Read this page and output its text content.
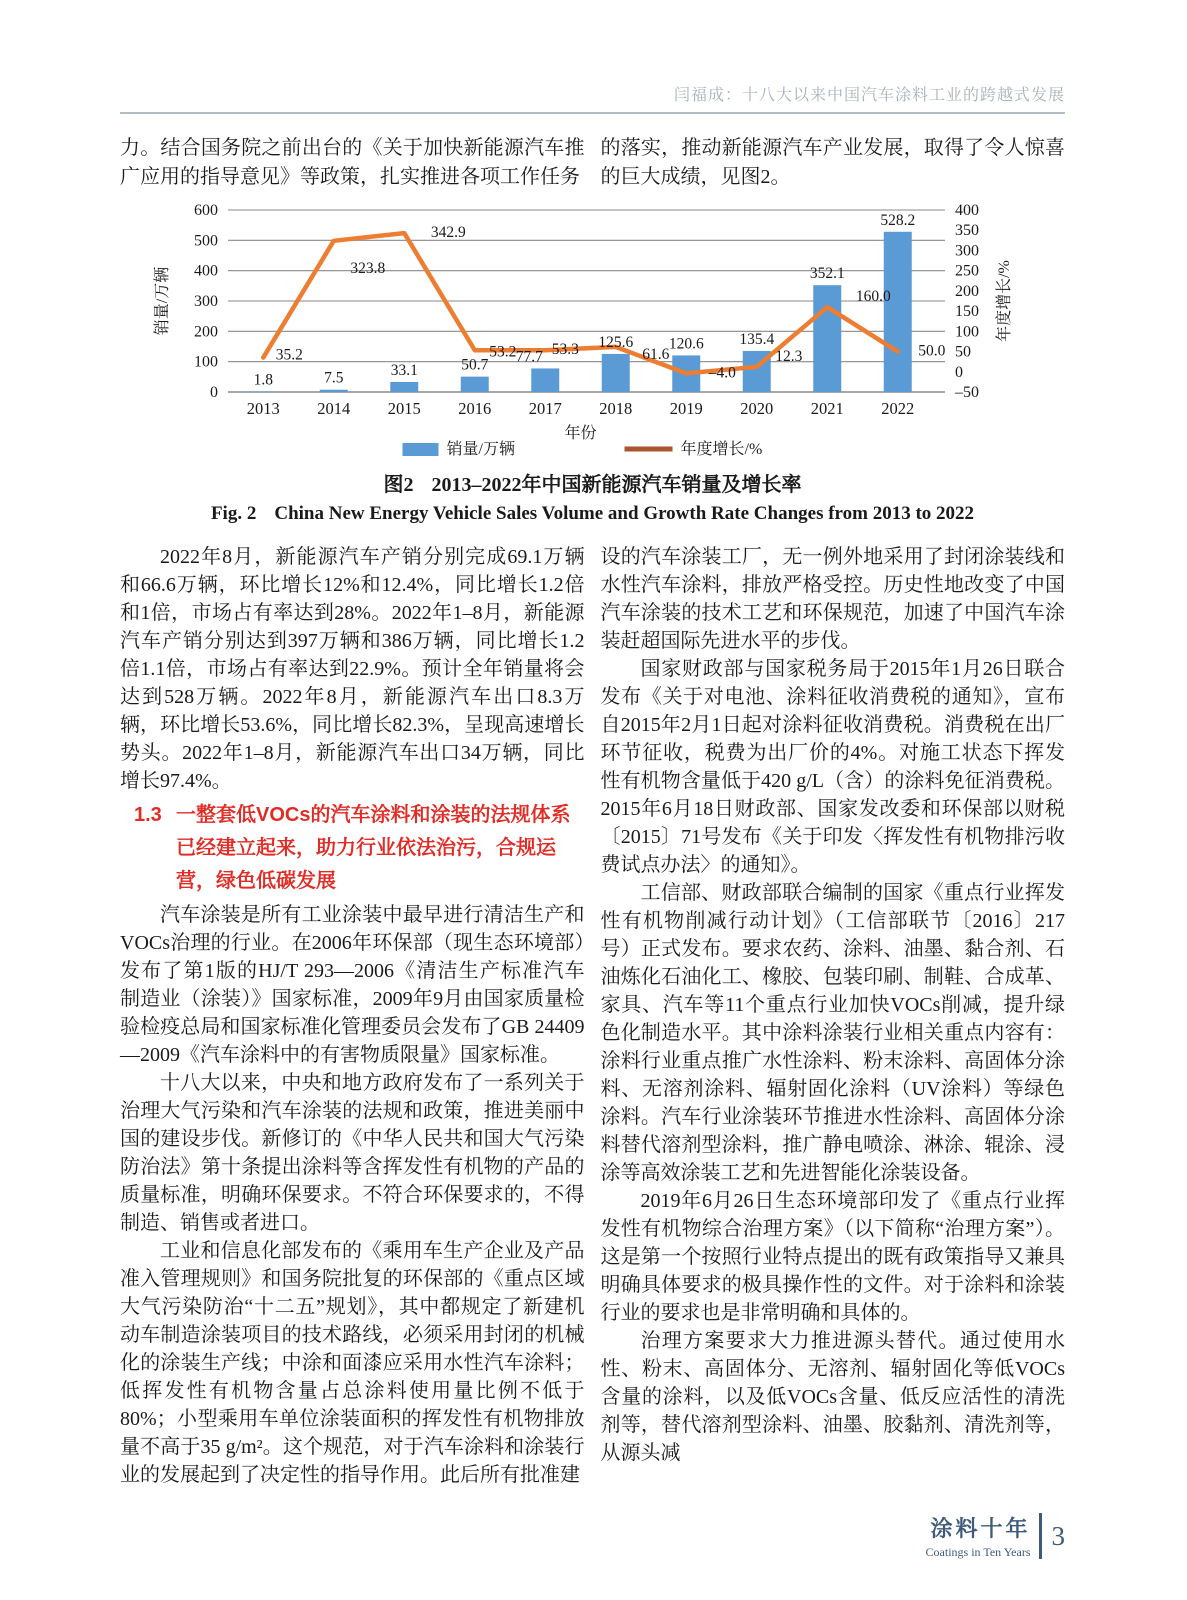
闫福成：十八大以来中国汽车涂料工业的跨越式发展

力。结合国务院之前出台的《关于加快新能源汽车推广应用的指导意见》等政策，扎实推进各项工作任务

的落实，推动新能源汽车产业发展，取得了令人惊喜的巨大成绩，见图2。

0
100
200
300
400
500
600	400
350
300
250
200
150
100
50
0
–50
销量/万辆	年度增长/%
2013 2014 2015 2016 2017 2018 2019 2020 2021 2022
年份
1.8	7.5	33.1	50.7 77.7
125.6 120.6 135.4
352.1
528.2
35.2
323.8
342.9
53.2 53.3	61.6
–4.0
12.3
160.0
50.0
销量/万辆	年度增长/%
图2 2013–2022年中国新能源汽车销量及增长率
Fig. 2 China New Energy Vehicle Sales Volume and Growth Rate Changes from 2013 to 2022

2022年8月，新能源汽车产销分别完成69.1万辆和66.6万辆，环比增长12%和12.4%，同比增长1.2倍和1倍，市场占有率达到28%。2022年1–8月，新能源汽车产销分别达到397万辆和386万辆，同比增长1.2倍1.1倍，市场占有率达到22.9%。预计全年销量将会达到528万辆。2022年8月，新能源汽车出口8.3万辆，环比增长53.6%，同比增长82.3%，呈现高速增长势头。2022年1–8月，新能源汽车出口34万辆，同比增长97.4%。

1.3 一整套低VOCs的汽车涂料和涂装的法规体系已经建立起来，助力行业依法治污，合规运营，绿色低碳发展

汽车涂装是所有工业涂装中最早进行清洁生产和VOCs治理的行业。在2006年环保部（现生态环境部）发布了第1版的HJ/T 293—2006《清洁生产标准汽车制造业（涂装）》国家标准，2009年9月由国家质量检验检疫总局和国家标准化管理委员会发布了GB 24409—2009《汽车涂料中的有害物质限量》国家标准。

十八大以来，中央和地方政府发布了一系列关于治理大气污染和汽车涂装的法规和政策，推进美丽中国的建设步伐。新修订的《中华人民共和国大气污染防治法》第十条提出涂料等含挥发性有机物的产品的质量标准，明确环保要求。不符合环保要求的，不得制造、销售或者进口。

工业和信息化部发布的《乘用车生产企业及产品准入管理规则》和国务院批复的环保部的《重点区域大气污染防治“十二五”规划》，其中都规定了新建机动车制造涂装项目的技术路线，必须采用封闭的机械化的涂装生产线；中涂和面漆应采用水性汽车涂料；低挥发性有机物含量占总涂料使用量比例不低于80%；小型乘用车单位涂装面积的挥发性有机物排放量不高于35 g/m²。这个规范，对于汽车涂料和涂装行业的发展起到了决定性的指导作用。此后所有批准建

设的汽车涂装工厂，无一例外地采用了封闭涂装线和水性汽车涂料，排放严格受控。历史性地改变了中国汽车涂装的技术工艺和环保规范，加速了中国汽车涂装赶超国际先进水平的步伐。

国家财政部与国家税务局于2015年1月26日联合发布《关于对电池、涂料征收消费税的通知》，宣布自2015年2月1日起对涂料征收消费税。消费税在出厂环节征收，税费为出厂价的4%。对施工状态下挥发性有机物含量低于420 g/L（含）的涂料免征消费税。2015年6月18日财政部、国家发改委和环保部以财税〔2015〕71号发布《关于印发〈挥发性有机物排污收费试点办法〉的通知》。

工信部、财政部联合编制的国家《重点行业挥发性有机物削减行动计划》（工信部联节〔2016〕217号）正式发布。要求农药、涂料、油墨、黏合剂、石油炼化石油化工、橡胶、包装印刷、制鞋、合成革、家具、汽车等11个重点行业加快VOCs削减，提升绿色化制造水平。其中涂料涂装行业相关重点内容有：涂料行业重点推广水性涂料、粉末涂料、高固体分涂料、无溶剂涂料、辐射固化涂料（UV涂料）等绿色涂料。汽车行业涂装环节推进水性涂料、高固体分涂料替代溶剂型涂料，推广静电喷涂、淋涂、辊涂、浸涂等高效涂装工艺和先进智能化涂装设备。

2019年6月26日生态环境部印发了《重点行业挥发性有机物综合治理方案》（以下简称“治理方案”）。这是第一个按照行业特点提出的既有政策指导又兼具明确具体要求的极具操作性的文件。对于涂料和涂装行业的要求也是非常明确和具体的。

治理方案要求大力推进源头替代。通过使用水性、粉末、高固体分、无溶剂、辐射固化等低VOCs含量的涂料，以及低VOCs含量、低反应活性的清洗剂等，替代溶剂型涂料、油墨、胶黏剂、清洗剂等，从源头减

涂料十年
Coatings in Ten Years
3
